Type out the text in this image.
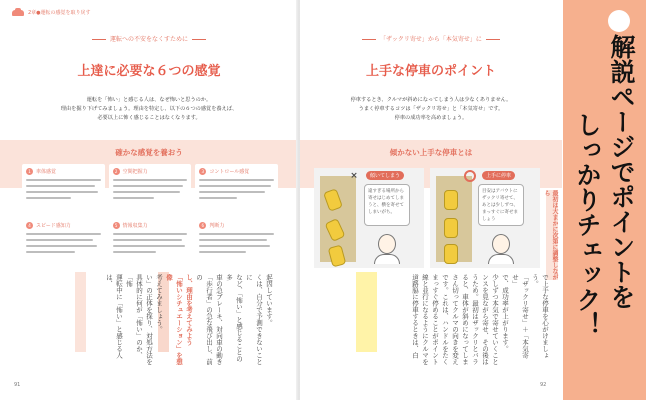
2章●運転の感覚を取り戻す
運転への不安をなくすために
上達に必要な６つの感覚
運転を「怖い」と感じる人は、なぜ怖いと思うのか。
理由を掘り下げてみましょう。理由を特定し、以下の６つの感覚を養えば、
必要以上に怖く感じることはなくなります。
確かな感覚を養おう
1	車体感覚	2	空間把握力	3	コントロール感覚
4	スピード感知力	5	情報収集力	6	判断力
起因しています。
くは、自分で予測できないことに
など、「怖い」と感じることの多
車の急ブレーキ、対向車の動き
「歩行者」の急な飛び出し、前の
し、理由を考えてみよう
「怖いシチュエーション」を想像
考えてみましょう。
い」の正体を探り、対処方法を
具体的に何が「怖い」のか、「怖
運転中に「怖い」と感じる人は、
91
「ザックリ寄せ」から「本気寄せ」に
上手な停車のポイント
停車するとき、クルマが斜めになってしまう人は少なくありません。
うまく停車するコツは「ザックリ寄せ」と「本気寄せ」です。
停車の成功率を高めましょう。
傾かない上手な停車とは
×	傾いてしまう
遠すぎる場所から寄せはじめてしまうと、横を寄せてしまいがち。
上手に停車
目安はアバウトにザックリ寄せて、あとは少しずつ、まっすぐに寄せましょう	最初は大まかに次第に調整しながら
で上手な停車を心がけましょう。
「ザックリ寄せ」＋「本気寄せ」
で、成功率が上がります。
少しずつ本気で寄せていくこと
ンスを見ながら寄せ、その後は
うため。最初はザックリとバラ
ると、車体が斜めになってしま
さん切ってクルマの向きを変え
です。これは、ハンドルをたく
まっすぐ停めることがポイント
線と並行になるようにクルマを
道路脇に停車するときは、白
92
解説ページでポイントを
しっかりチェック！
